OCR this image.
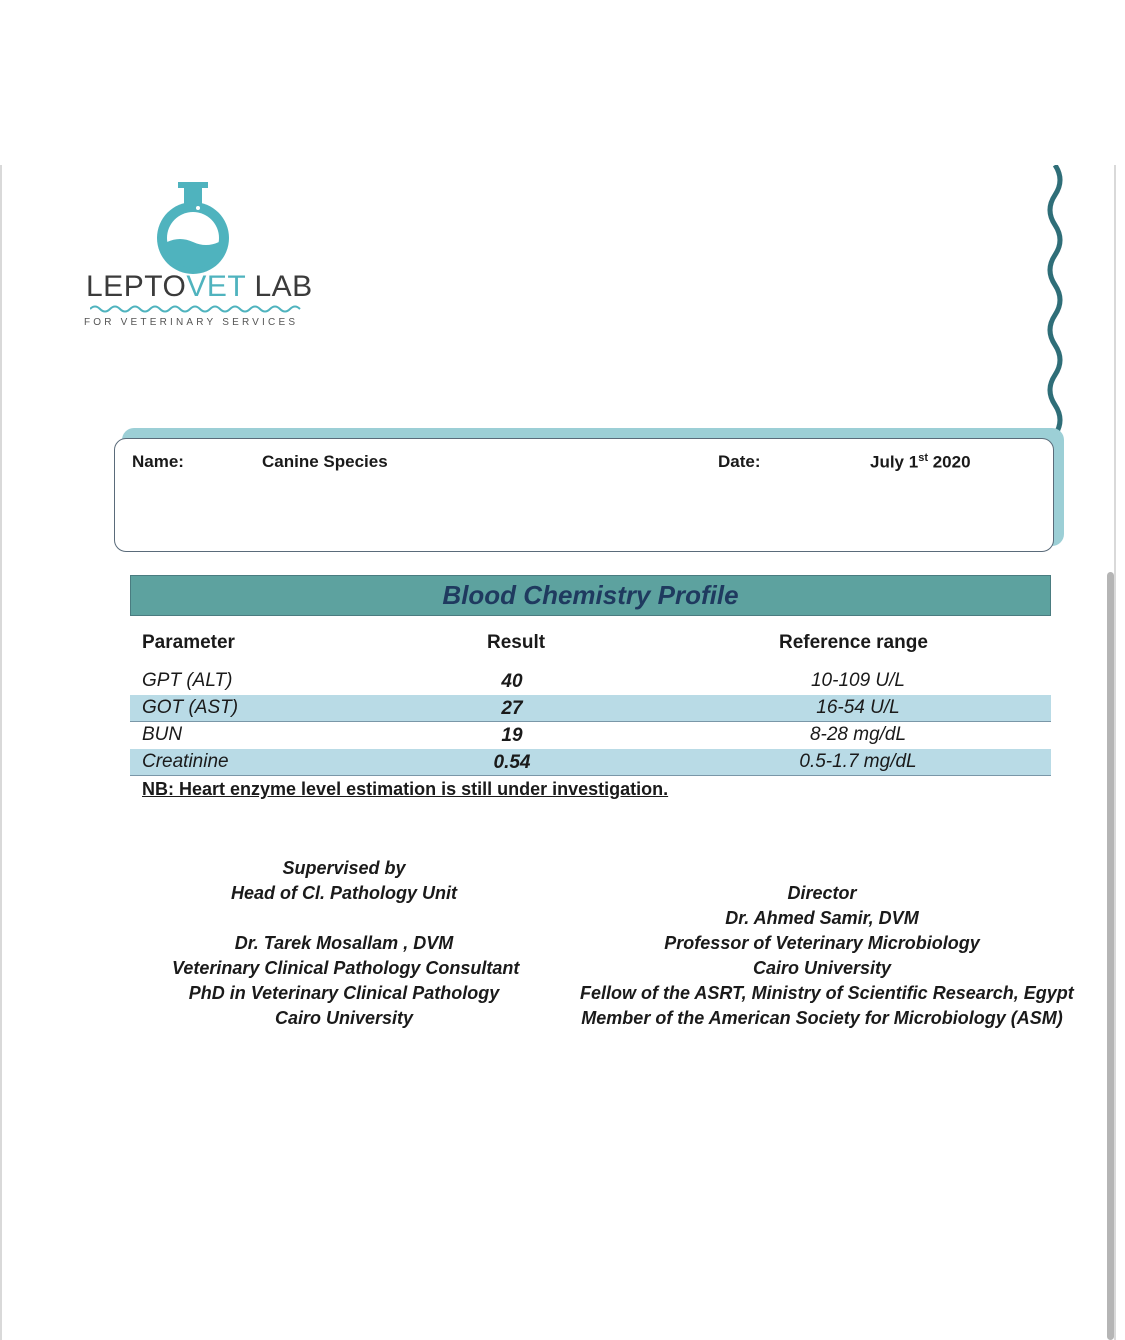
LEPTOVET LAB
FOR VETERINARY SERVICES
Name:	Canine Species	Date:	July 1st 2020
Blood Chemistry Profile
Parameter	Result	Reference range
GPT (ALT)	40	10-109 U/L
GOT (AST)	27	16-54 U/L
BUN	19	8-28 mg/dL
Creatinine	0.54	0.5-1.7 mg/dL
NB: Heart enzyme level estimation is still under investigation.
Supervised by
Head of Cl. Pathology Unit
Dr. Tarek Mosallam , DVM
Veterinary Clinical Pathology Consultant
PhD in Veterinary Clinical Pathology
Cairo University
Director
Dr. Ahmed Samir, DVM
Professor of Veterinary Microbiology
Cairo University
Fellow of the ASRT, Ministry of Scientific Research, Egypt
Member of the American Society for Microbiology (ASM)
